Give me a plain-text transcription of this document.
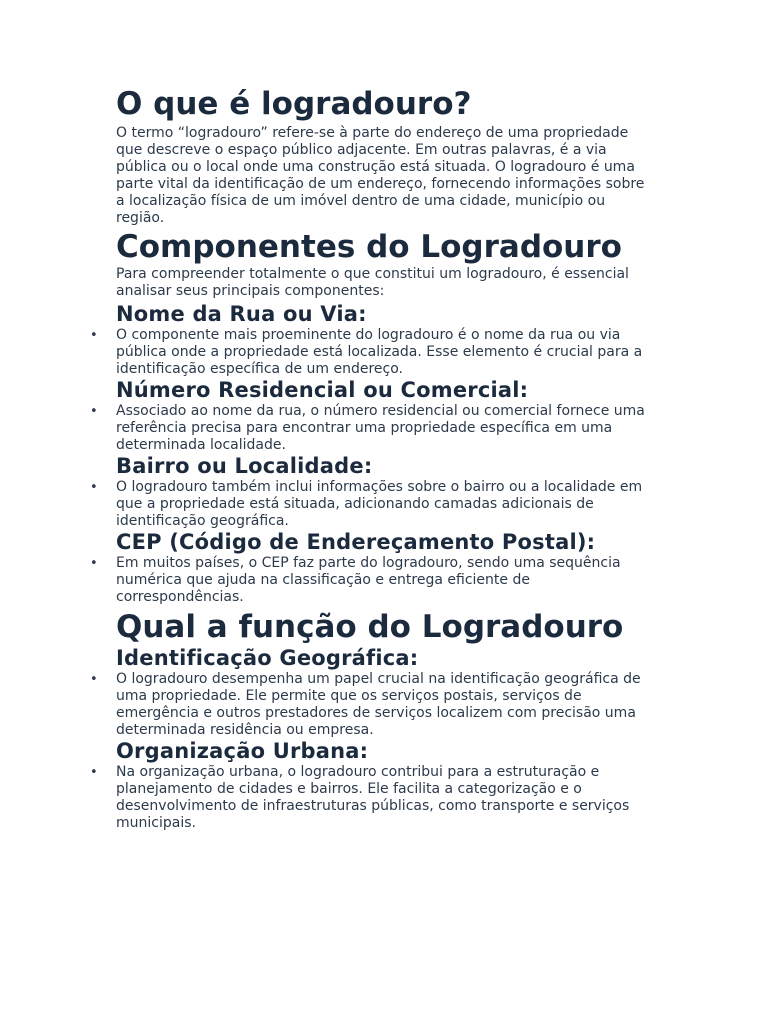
O que é logradouro?

O termo “logradouro” refere-se à parte do endereço de uma propriedade que descreve o espaço público adjacente. Em outras palavras, é a via pública ou o local onde uma construção está situada. O logradouro é uma parte vital da identificação de um endereço, fornecendo informações sobre a localização física de um imóvel dentro de uma cidade, município ou região.

Componentes do Logradouro

Para compreender totalmente o que constitui um logradouro, é essencial analisar seus principais componentes:

Nome da Rua ou Via:
• O componente mais proeminente do logradouro é o nome da rua ou via pública onde a propriedade está localizada. Esse elemento é crucial para a identificação específica de um endereço.
Número Residencial ou Comercial:
• Associado ao nome da rua, o número residencial ou comercial fornece uma referência precisa para encontrar uma propriedade específica em uma determinada localidade.
Bairro ou Localidade:
• O logradouro também inclui informações sobre o bairro ou a localidade em que a propriedade está situada, adicionando camadas adicionais de identificação geográfica.
CEP (Código de Endereçamento Postal):
• Em muitos países, o CEP faz parte do logradouro, sendo uma sequência numérica que ajuda na classificação e entrega eficiente de correspondências.
Qual a função do Logradouro
Identificação Geográfica:
• O logradouro desempenha um papel crucial na identificação geográfica de uma propriedade. Ele permite que os serviços postais, serviços de emergência e outros prestadores de serviços localizem com precisão uma determinada residência ou empresa.
Organização Urbana:
• Na organização urbana, o logradouro contribui para a estruturação e planejamento de cidades e bairros. Ele facilita a categorização e o desenvolvimento de infraestruturas públicas, como transporte e serviços municipais.
